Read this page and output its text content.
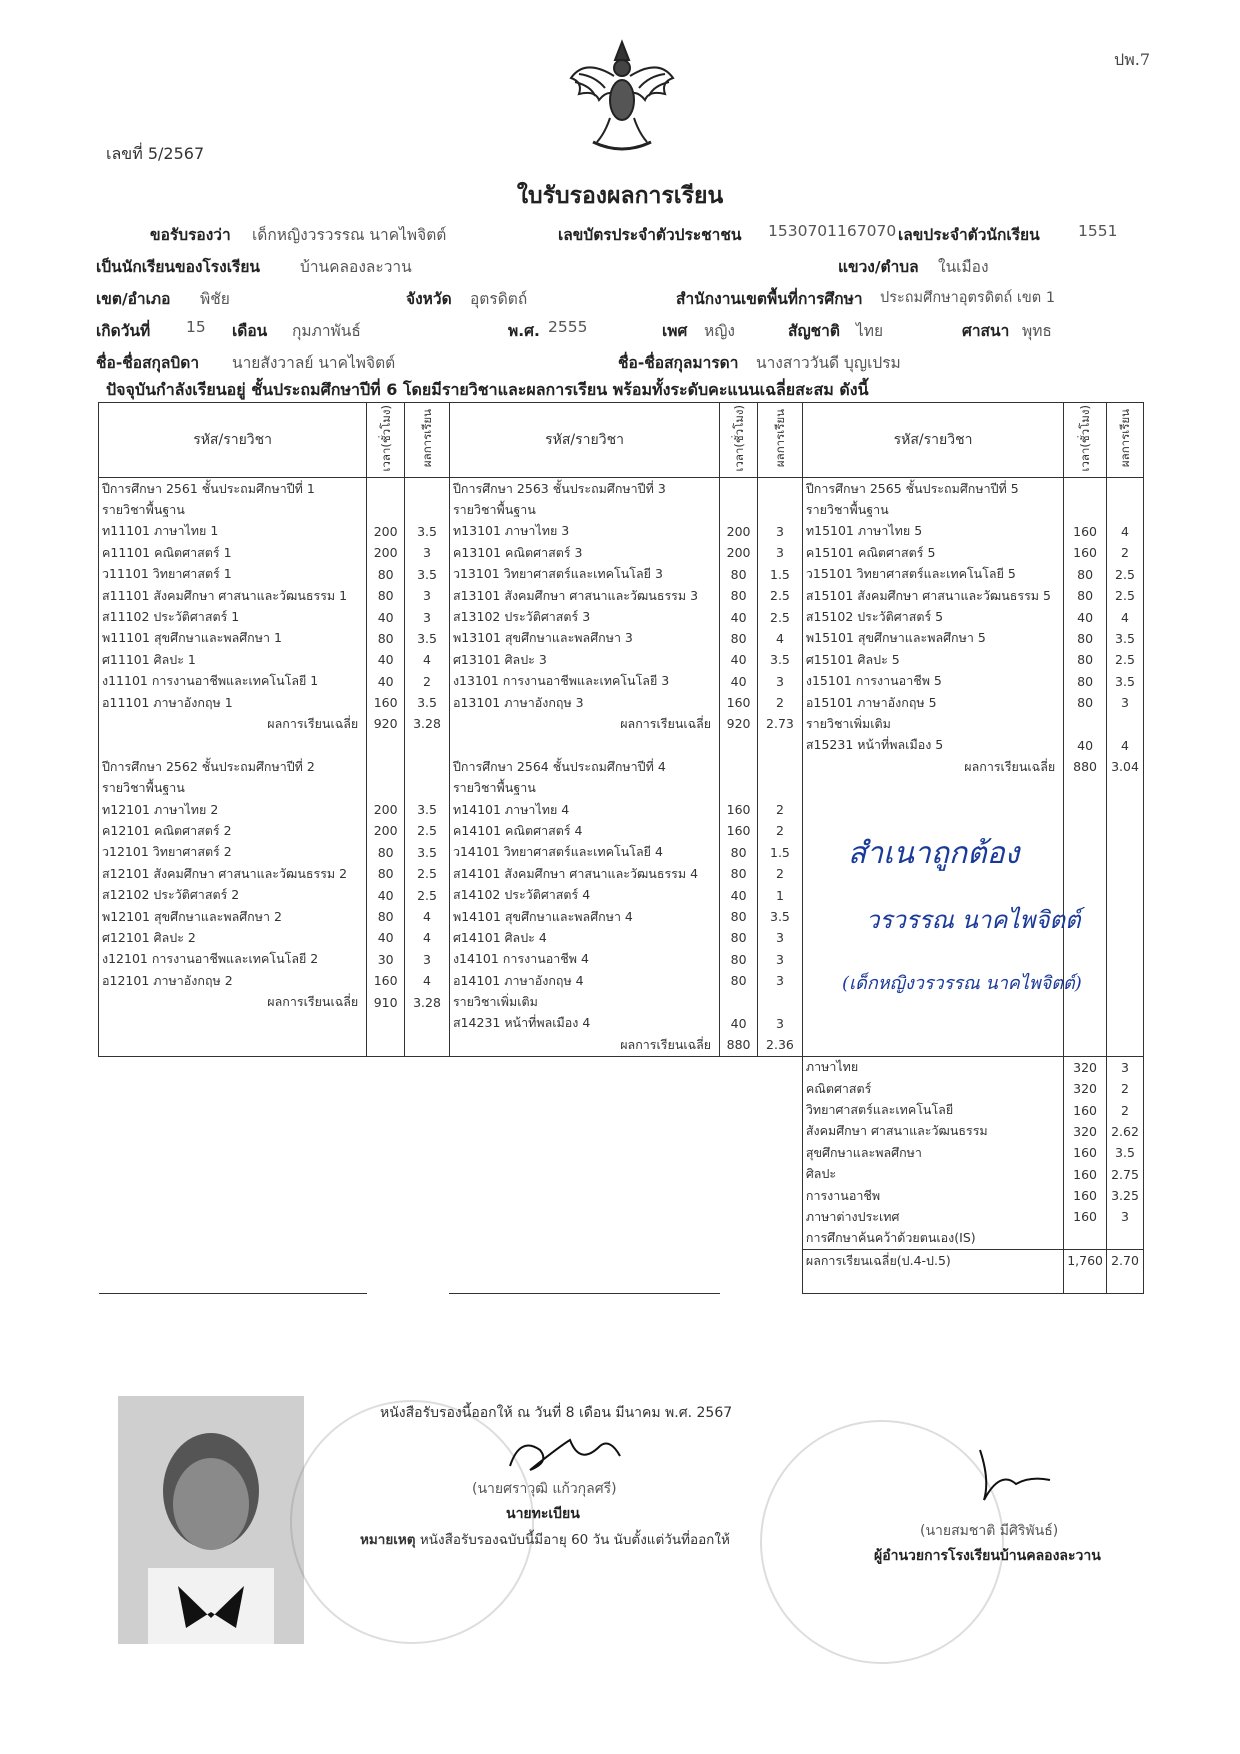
ปพ.7
เลขที่ 5/2567
ใบรับรองผลการเรียน
ขอรับรองว่า เด็กหญิงวรวรรณ นาคไพจิตต์	เลขบัตรประจำตัวประชาชน 1530701167070 เลขประจำตัวนักเรียน 1551
เป็นนักเรียนของโรงเรียน	บ้านคลองละวาน	แขวง/ตำบล ในเมือง
เขต/อำเภอ พิชัย	จังหวัด อุตรดิตถ์	สำนักงานเขตพื้นที่การศึกษา ประถมศึกษาอุตรดิตถ์ เขต 1
เกิดวันที่ 15 เดือน กุมภาพันธ์	พ.ศ. 2555	เพศ หญิง	สัญชาติ ไทย	ศาสนา พุทธ
ชื่อ-ชื่อสกุลบิดา นายสังวาลย์ นาคไพจิตต์	ชื่อ-ชื่อสกุลมารดา นางสาววันดี บุญเปรม
ปัจจุบันกำลังเรียนอยู่ ชั้นประถมศึกษาปีที่ 6 โดยมีรายวิชาและผลการเรียน พร้อมทั้งระดับคะแนนเฉลี่ยสะสม ดังนี้
รหัส/รายวิชา	เวลา(ชั่วโมง)	ผลการเรียน	รหัส/รายวิชา	เวลา(ชั่วโมง)	ผลการเรียน	รหัส/รายวิชา	เวลา(ชั่วโมง)	ผลการเรียน
ปีการศึกษา 2561 ชั้นประถมศึกษาปีที่ 1			ปีการศึกษา 2563 ชั้นประถมศึกษาปีที่ 3			ปีการศึกษา 2565 ชั้นประถมศึกษาปีที่ 5		
รายวิชาพื้นฐาน			รายวิชาพื้นฐาน			รายวิชาพื้นฐาน		
ท11101 ภาษาไทย 1	200	3.5	ท13101 ภาษาไทย 3	200	3	ท15101 ภาษาไทย 5	160	4
ค11101 คณิตศาสตร์ 1	200	3	ค13101 คณิตศาสตร์ 3	200	3	ค15101 คณิตศาสตร์ 5	160	2
ว11101 วิทยาศาสตร์ 1	80	3.5	ว13101 วิทยาศาสตร์และเทคโนโลยี 3	80	1.5	ว15101 วิทยาศาสตร์และเทคโนโลยี 5	80	2.5
ส11101 สังคมศึกษา ศาสนาและวัฒนธรรม 1	80	3	ส13101 สังคมศึกษา ศาสนาและวัฒนธรรม 3	80	2.5	ส15101 สังคมศึกษา ศาสนาและวัฒนธรรม 5	80	2.5
ส11102 ประวัติศาสตร์ 1	40	3	ส13102 ประวัติศาสตร์ 3	40	2.5	ส15102 ประวัติศาสตร์ 5	40	4
พ11101 สุขศึกษาและพลศึกษา 1	80	3.5	พ13101 สุขศึกษาและพลศึกษา 3	80	4	พ15101 สุขศึกษาและพลศึกษา 5	80	3.5
ศ11101 ศิลปะ 1	40	4	ศ13101 ศิลปะ 3	40	3.5	ศ15101 ศิลปะ 5	80	2.5
ง11101 การงานอาชีพและเทคโนโลยี 1	40	2	ง13101 การงานอาชีพและเทคโนโลยี 3	40	3	ง15101 การงานอาชีพ 5	80	3.5
อ11101 ภาษาอังกฤษ 1	160	3.5	อ13101 ภาษาอังกฤษ 3	160	2	อ15101 ภาษาอังกฤษ 5	80	3
ผลการเรียนเฉลี่ย	920	3.28	ผลการเรียนเฉลี่ย	920	2.73	รายวิชาเพิ่มเติม		
						ส15231 หน้าที่พลเมือง 5	40	4
ปีการศึกษา 2562 ชั้นประถมศึกษาปีที่ 2			ปีการศึกษา 2564 ชั้นประถมศึกษาปีที่ 4			ผลการเรียนเฉลี่ย	880	3.04
รายวิชาพื้นฐาน			รายวิชาพื้นฐาน					
ท12101 ภาษาไทย 2	200	3.5	ท14101 ภาษาไทย 4	160	2			
ค12101 คณิตศาสตร์ 2	200	2.5	ค14101 คณิตศาสตร์ 4	160	2			
ว12101 วิทยาศาสตร์ 2	80	3.5	ว14101 วิทยาศาสตร์และเทคโนโลยี 4	80	1.5			
ส12101 สังคมศึกษา ศาสนาและวัฒนธรรม 2	80	2.5	ส14101 สังคมศึกษา ศาสนาและวัฒนธรรม 4	80	2			
ส12102 ประวัติศาสตร์ 2	40	2.5	ส14102 ประวัติศาสตร์ 4	40	1			
พ12101 สุขศึกษาและพลศึกษา 2	80	4	พ14101 สุขศึกษาและพลศึกษา 4	80	3.5			
ศ12101 ศิลปะ 2	40	4	ศ14101 ศิลปะ 4	80	3			
ง12101 การงานอาชีพและเทคโนโลยี 2	30	3	ง14101 การงานอาชีพ 4	80	3			
อ12101 ภาษาอังกฤษ 2	160	4	อ14101 ภาษาอังกฤษ 4	80	3			
ผลการเรียนเฉลี่ย	910	3.28	รายวิชาเพิ่มเติม					
			ส14231 หน้าที่พลเมือง 4	40	3			
			ผลการเรียนเฉลี่ย	880	2.36			
						ภาษาไทย	320	3
						คณิตศาสตร์	320	2
						วิทยาศาสตร์และเทคโนโลยี	160	2
						สังคมศึกษา ศาสนาและวัฒนธรรม	320	2.62
						สุขศึกษาและพลศึกษา	160	3.5
						ศิลปะ	160	2.75
						การงานอาชีพ	160	3.25
						ภาษาต่างประเทศ	160	3
						การศึกษาค้นคว้าด้วยตนเอง(IS)		
						ผลการเรียนเฉลี่ย(ป.4-ป.5)	1,760	2.70

สำเนาถูกต้อง
วรวรรณ นาคไพจิตต์
(เด็กหญิงวรวรรณ นาคไพจิตต์)
หนังสือรับรองนี้ออกให้ ณ วันที่ 8 เดือน มีนาคม พ.ศ. 2567
(นายศราวุฒิ แก้วกุลศรี)
นายทะเบียน
หมายเหตุ หนังสือรับรองฉบับนี้มีอายุ 60 วัน นับตั้งแต่วันที่ออกให้
(นายสมชาติ มีศิริพันธ์)
ผู้อำนวยการโรงเรียนบ้านคลองละวาน
